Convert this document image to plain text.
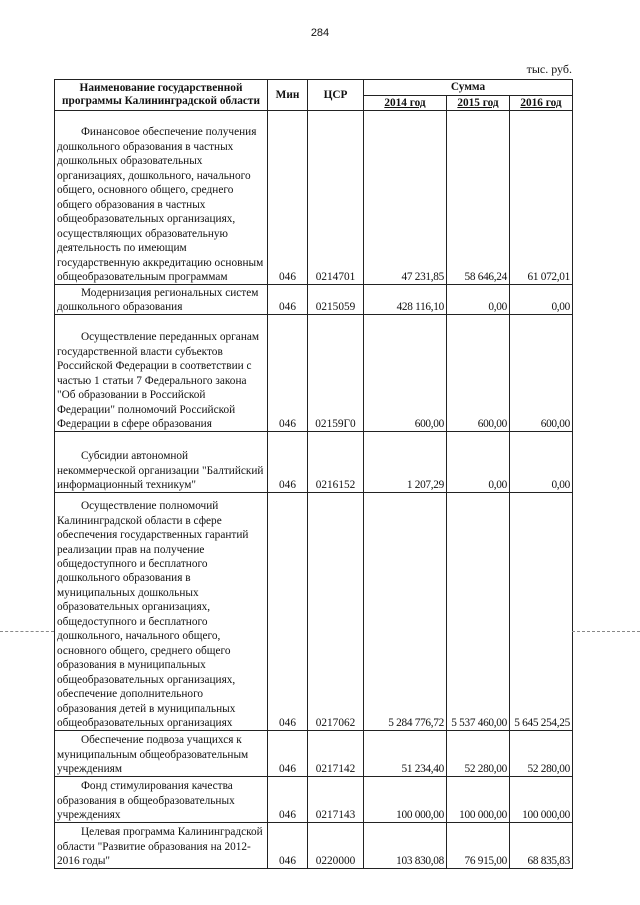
284
тыс. руб.
Наименование государственной программы Калининградской области	Мин	ЦСР	Сумма		
			2014 год	2015 год	2016 год
Финансовое обеспечение получения дошкольного образования в частных дошкольных образовательных организациях, дошкольного, начального общего, основного общего, среднего общего образования в частных общеобразовательных организациях, осуществляющих образовательную деятельность по имеющим государственную аккредитацию основным общеобразовательным программам	046	0214701	47 231,85	58 646,24	61 072,01
Модернизация региональных систем дошкольного образования	046	0215059	428 116,10	0,00	0,00
Осуществление переданных органам государственной власти субъектов Российской Федерации в соответствии с частью 1 статьи 7 Федерального закона "Об образовании в Российской Федерации" полномочий Российской Федерации в сфере образования	046	02159Г0	600,00	600,00	600,00
Субсидии автономной некоммерческой организации "Балтийский информационный техникум"	046	0216152	1 207,29	0,00	0,00
Осуществление полномочий Калининградской области в сфере обеспечения государственных гарантий реализации прав на получение общедоступного и бесплатного дошкольного образования в муниципальных дошкольных образовательных организациях, общедоступного и бесплатного дошкольного, начального общего, основного общего, среднего общего образования в муниципальных общеобразовательных организациях, обеспечение дополнительного образования детей в муниципальных общеобразовательных организациях	046	0217062	5 284 776,72	5 537 460,00	5 645 254,25
Обеспечение подвоза учащихся к муниципальным общеобразовательным учреждениям	046	0217142	51 234,40	52 280,00	52 280,00
Фонд стимулирования качества образования в общеобразовательных учреждениях	046	0217143	100 000,00	100 000,00	100 000,00
Целевая программа Калининградской области "Развитие образования на 2012-2016 годы"	046	0220000	103 830,08	76 915,00	68 835,83
